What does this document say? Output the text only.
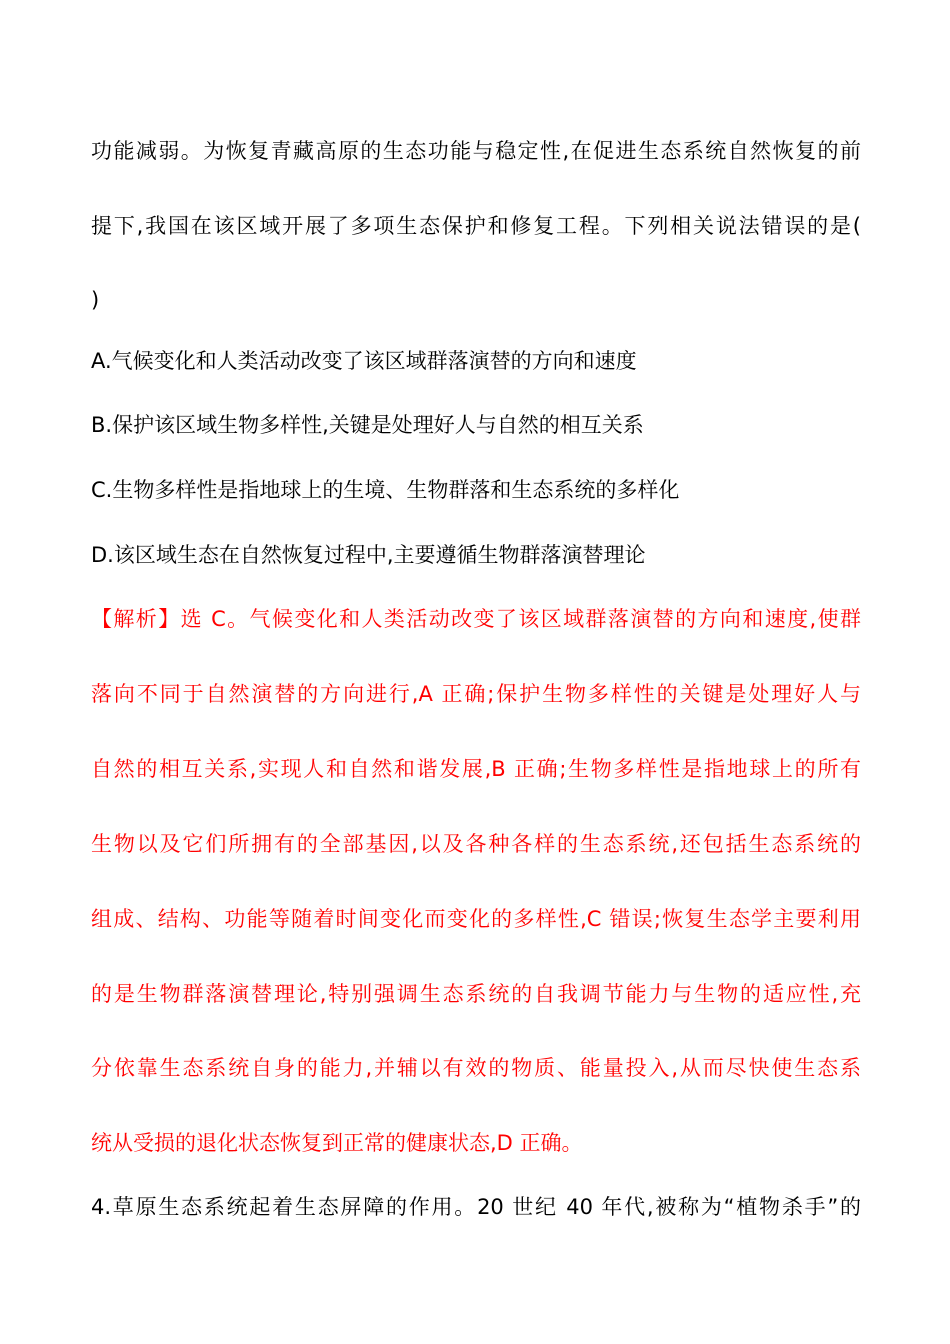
功能减弱。为恢复青藏高原的生态功能与稳定性,在促进生态系统自然恢复的前
提下,我国在该区域开展了多项生态保护和修复工程。下列相关说法错误的是(
)
A.气候变化和人类活动改变了该区域群落演替的方向和速度
B.保护该区域生物多样性,关键是处理好人与自然的相互关系
C.生物多样性是指地球上的生境、生物群落和生态系统的多样化
D.该区域生态在自然恢复过程中,主要遵循生物群落演替理论
【解析】选 C。气候变化和人类活动改变了该区域群落演替的方向和速度,使群
落向不同于自然演替的方向进行,A 正确;保护生物多样性的关键是处理好人与
自然的相互关系,实现人和自然和谐发展,B 正确;生物多样性是指地球上的所有
生物以及它们所拥有的全部基因,以及各种各样的生态系统,还包括生态系统的
组成、结构、功能等随着时间变化而变化的多样性,C 错误;恢复生态学主要利用
的是生物群落演替理论,特别强调生态系统的自我调节能力与生物的适应性,充
分依靠生态系统自身的能力,并辅以有效的物质、能量投入,从而尽快使生态系
统从受损的退化状态恢复到正常的健康状态,D 正确。
4.草原生态系统起着生态屏障的作用。20 世纪 40 年代,被称为“植物杀手”的
